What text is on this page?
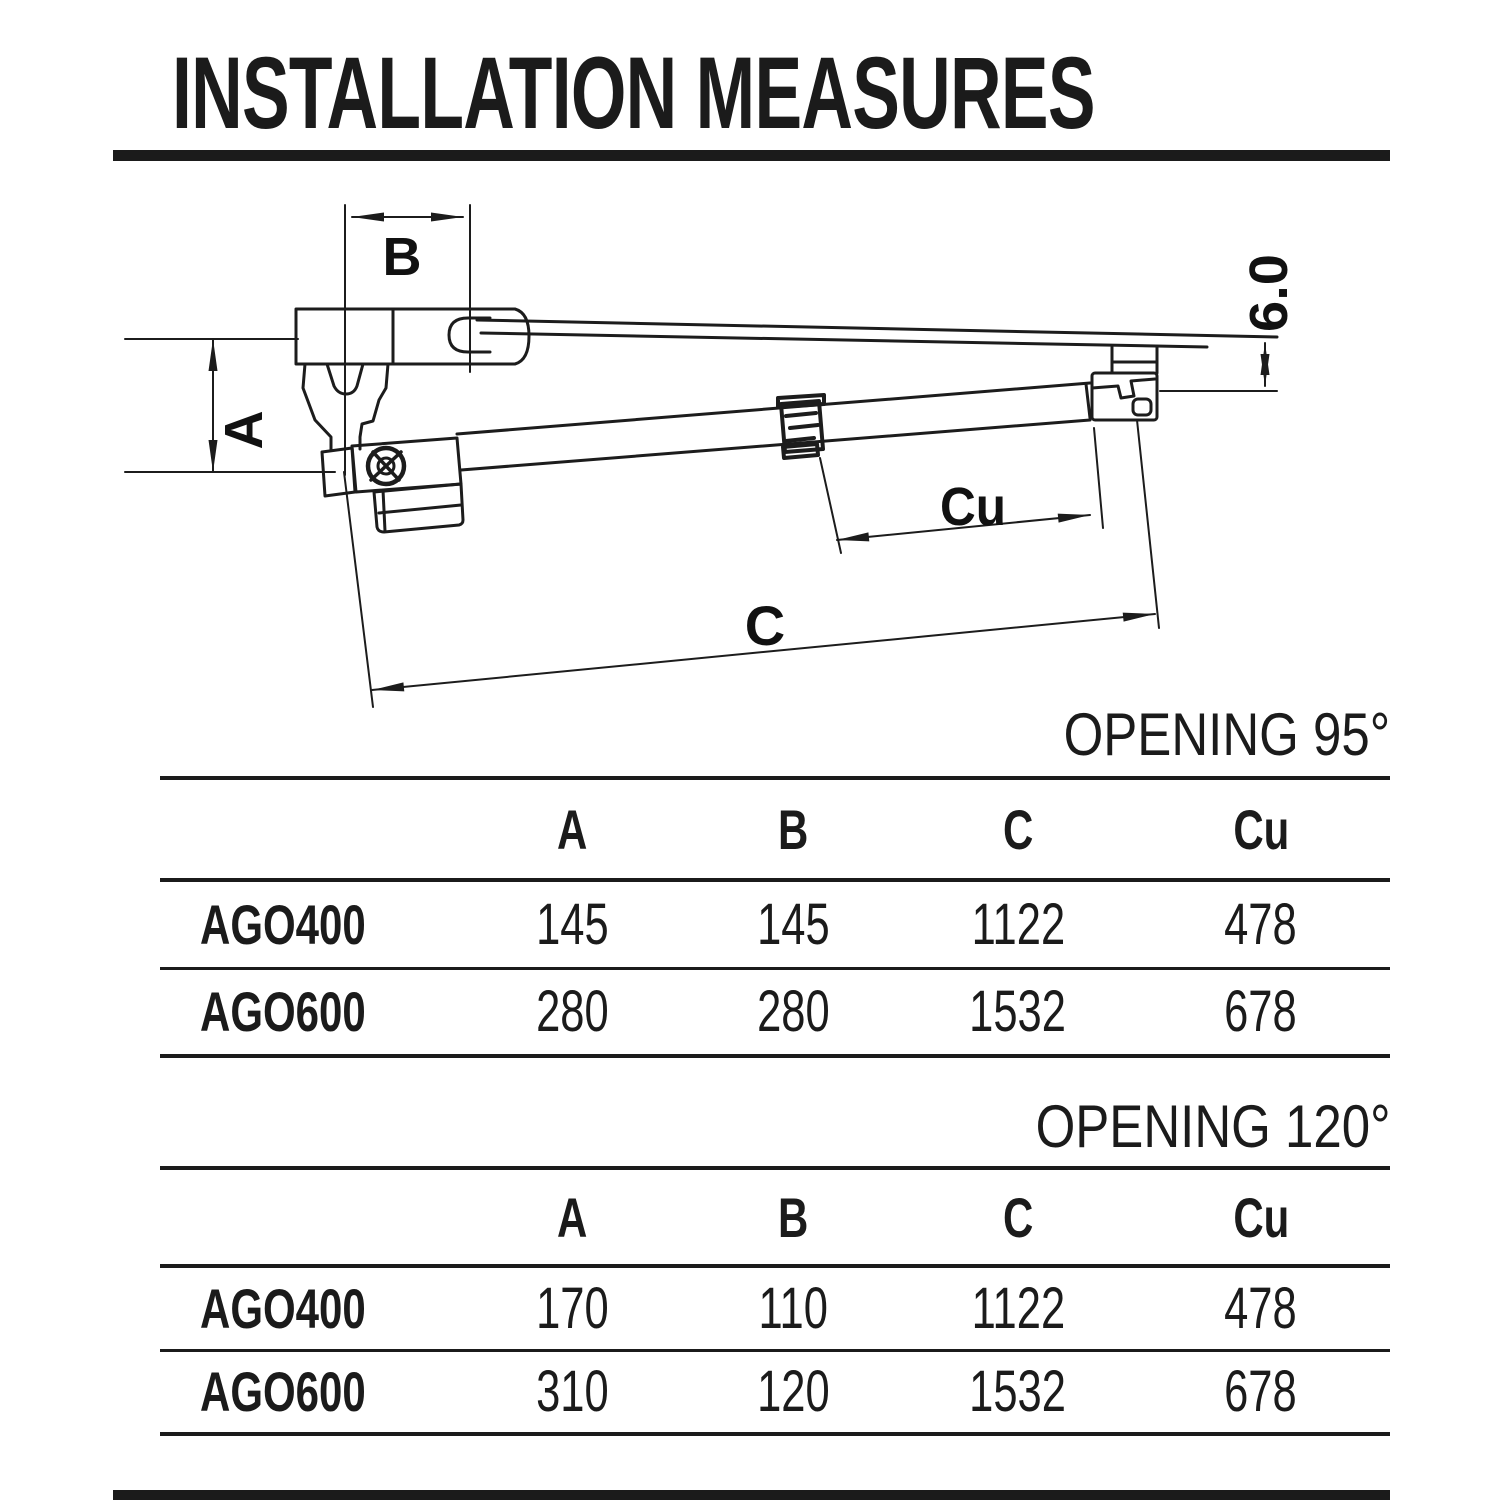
INSTALLATION MEASURES
B
A
6.0
Cu
C
OPENING 95°
	A	B	C	Cu
AGO400	145	145	1122	478
AGO600	280	280	1532	678
OPENING 120°
	A	B	C	Cu
AGO400	170	110	1122	478
AGO600	310	120	1532	678
